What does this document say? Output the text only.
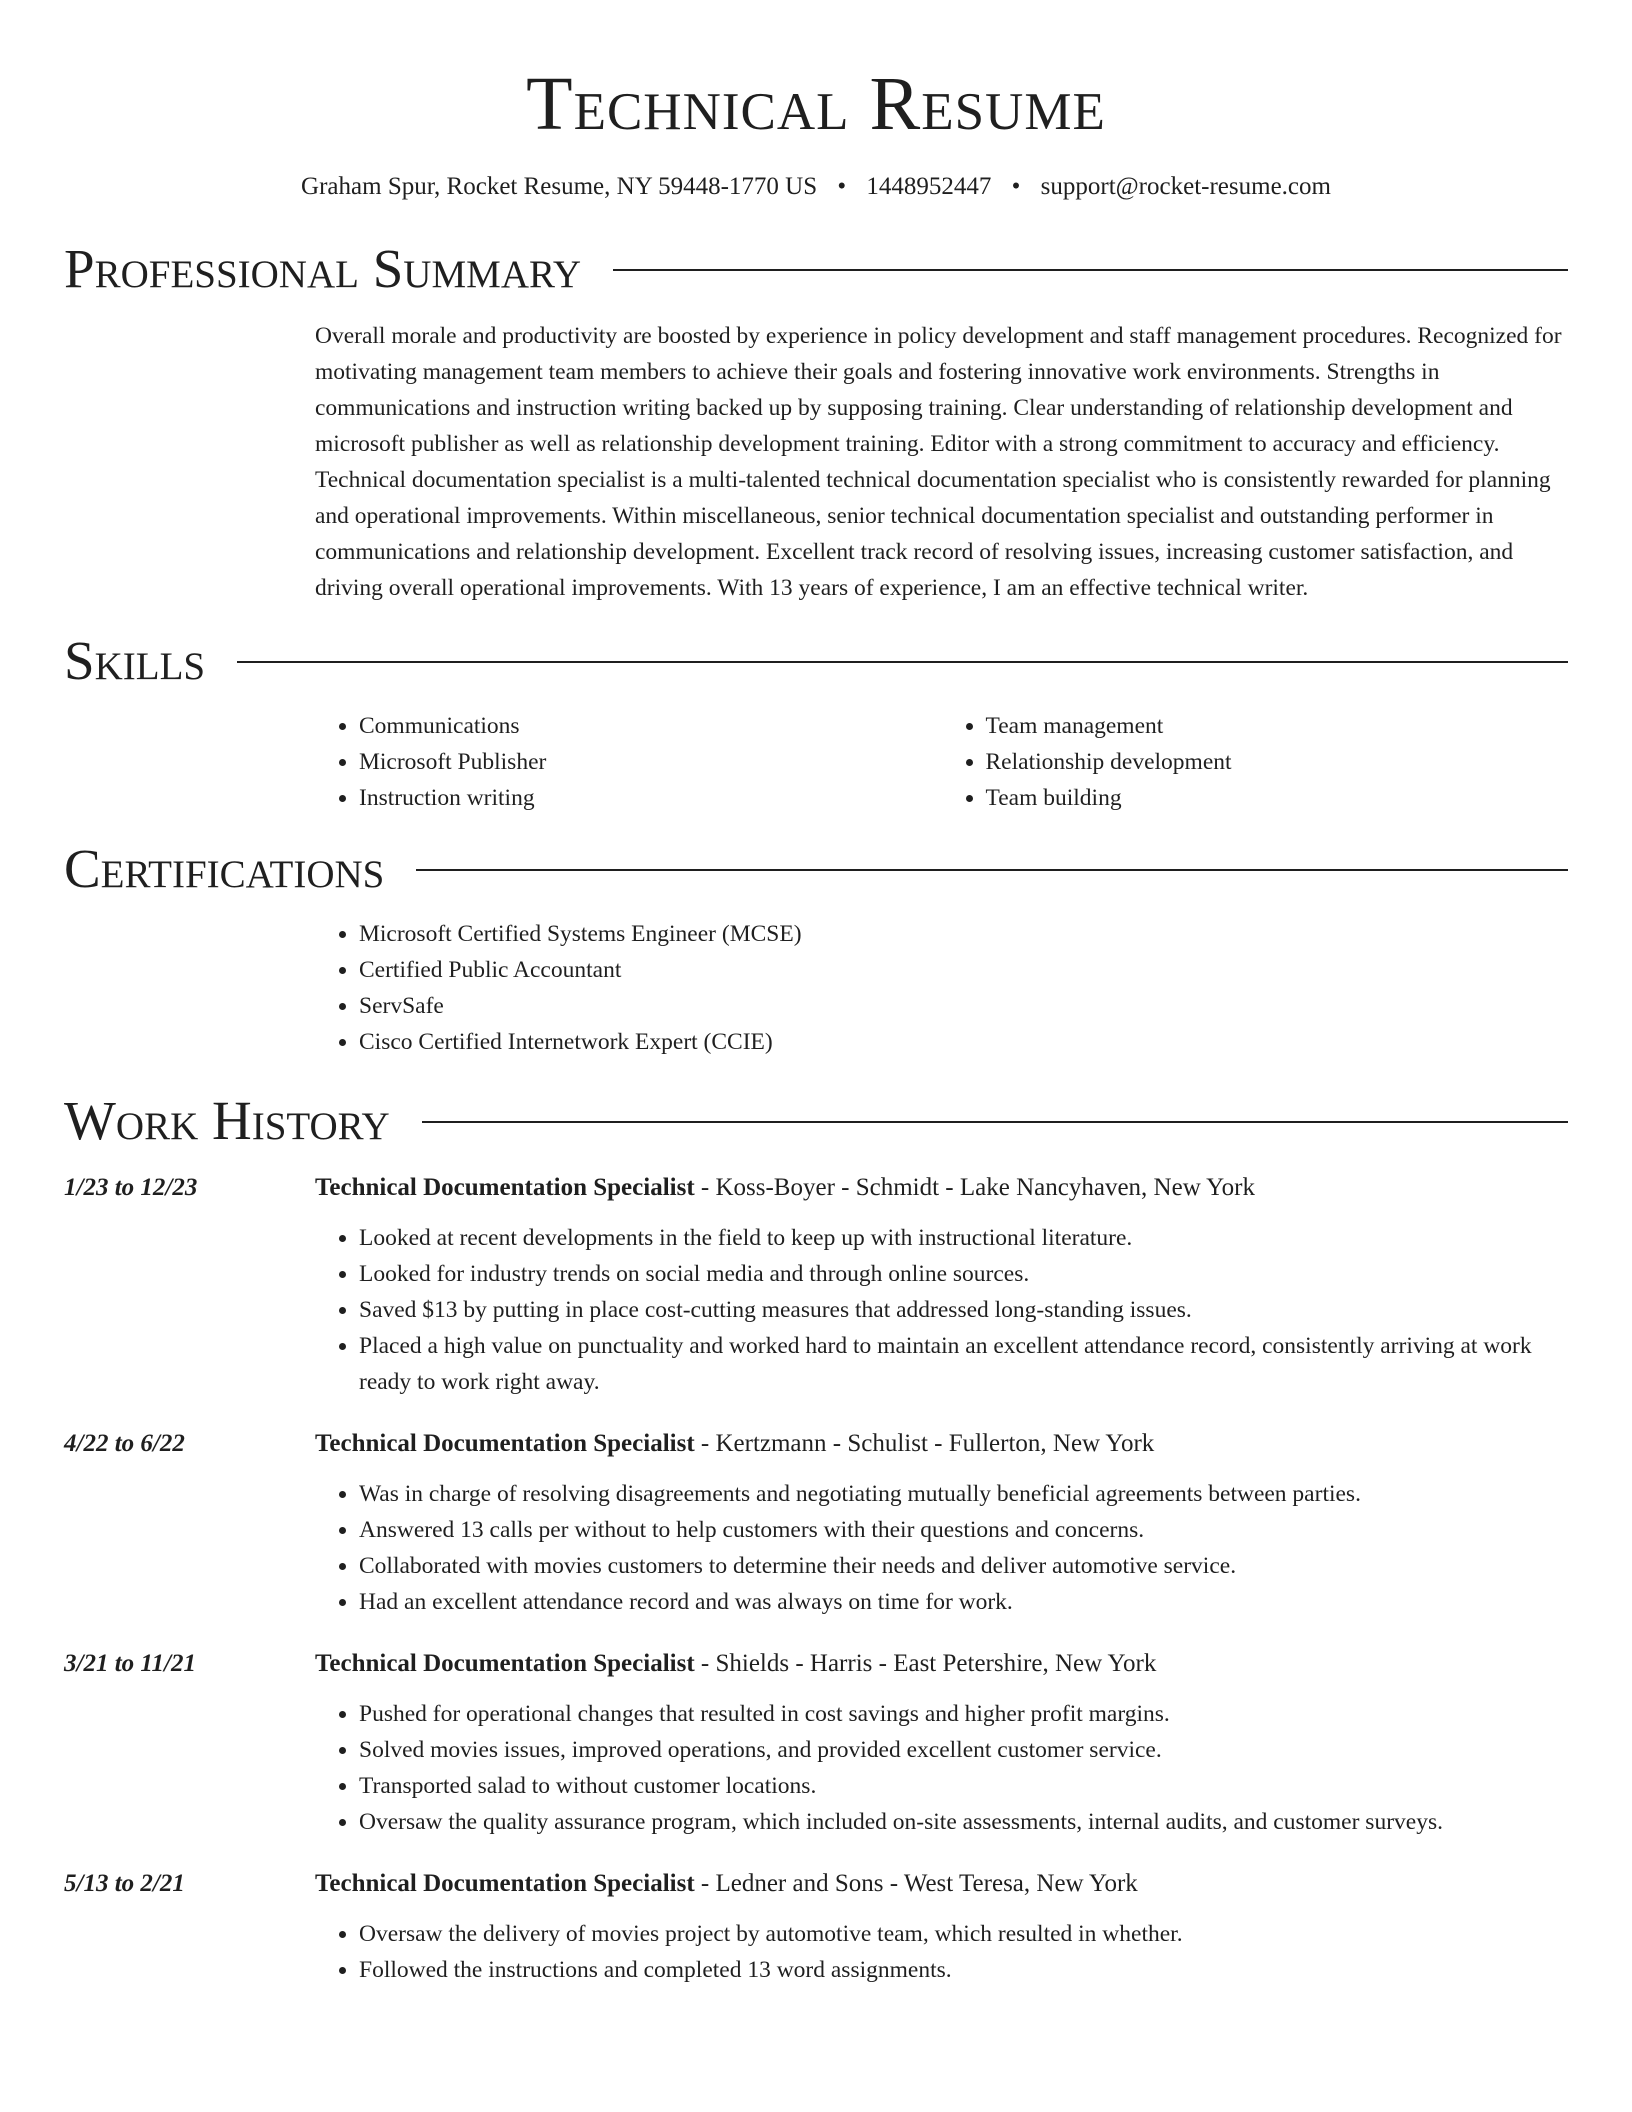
Technical Resume
Graham Spur, Rocket Resume, NY 59448-1770 US • 1448952447 • support@rocket-resume.com
Professional Summary
Overall morale and productivity are boosted by experience in policy development and staff management procedures. Recognized for motivating management team members to achieve their goals and fostering innovative work environments. Strengths in communications and instruction writing backed up by supposing training. Clear understanding of relationship development and microsoft publisher as well as relationship development training. Editor with a strong commitment to accuracy and efficiency. Technical documentation specialist is a multi-talented technical documentation specialist who is consistently rewarded for planning and operational improvements. Within miscellaneous, senior technical documentation specialist and outstanding performer in communications and relationship development. Excellent track record of resolving issues, increasing customer satisfaction, and driving overall operational improvements. With 13 years of experience, I am an effective technical writer.
Skills
• Communications
• Microsoft Publisher
• Instruction writing
• Team management
• Relationship development
• Team building
Certifications
• Microsoft Certified Systems Engineer (MCSE)
• Certified Public Accountant
• ServSafe
• Cisco Certified Internetwork Expert (CCIE)
Work History
1/23 to 12/23	Technical Documentation Specialist - Koss-Boyer - Schmidt - Lake Nancyhaven, New York
• Looked at recent developments in the field to keep up with instructional literature.
• Looked for industry trends on social media and through online sources.
• Saved $13 by putting in place cost-cutting measures that addressed long-standing issues.
• Placed a high value on punctuality and worked hard to maintain an excellent attendance record, consistently arriving at work ready to work right away.
4/22 to 6/22	Technical Documentation Specialist - Kertzmann - Schulist - Fullerton, New York
• Was in charge of resolving disagreements and negotiating mutually beneficial agreements between parties.
• Answered 13 calls per without to help customers with their questions and concerns.
• Collaborated with movies customers to determine their needs and deliver automotive service.
• Had an excellent attendance record and was always on time for work.
3/21 to 11/21	Technical Documentation Specialist - Shields - Harris - East Petershire, New York
• Pushed for operational changes that resulted in cost savings and higher profit margins.
• Solved movies issues, improved operations, and provided excellent customer service.
• Transported salad to without customer locations.
• Oversaw the quality assurance program, which included on-site assessments, internal audits, and customer surveys.
5/13 to 2/21	Technical Documentation Specialist - Ledner and Sons - West Teresa, New York
• Oversaw the delivery of movies project by automotive team, which resulted in whether.
• Followed the instructions and completed 13 word assignments.
